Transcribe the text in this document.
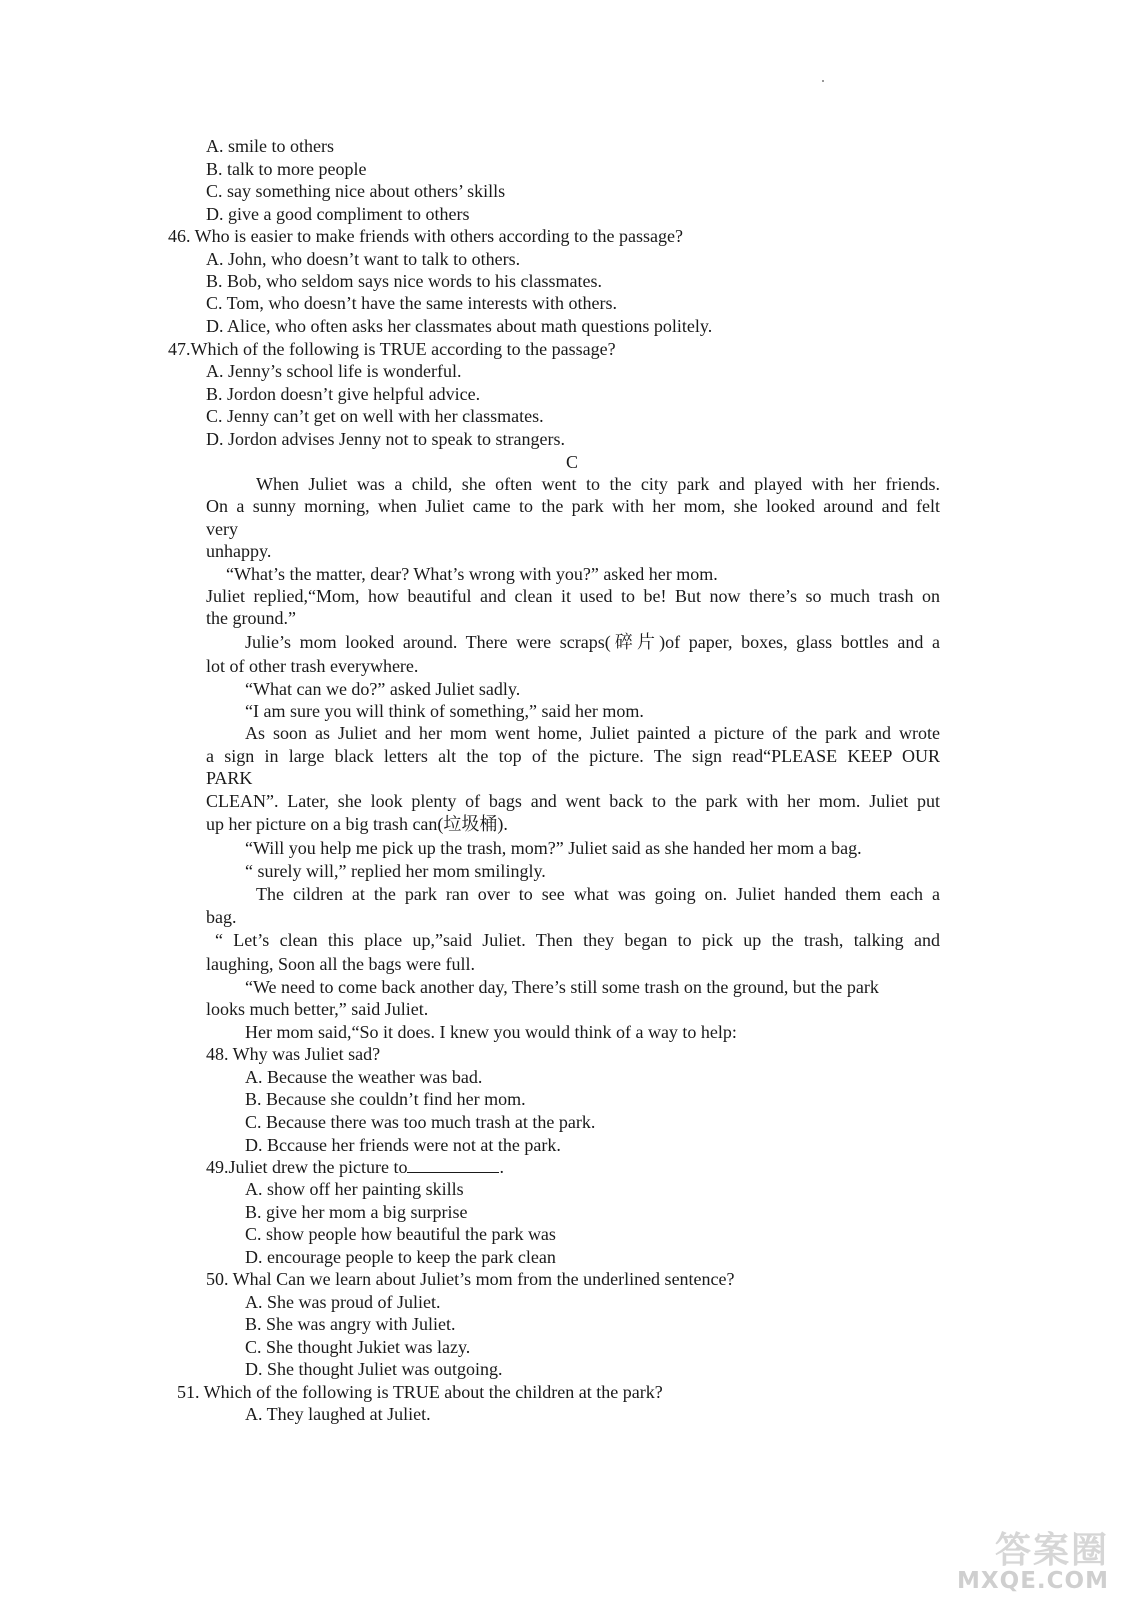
A. smile to others
B. talk to more people
C. say something nice about others’ skills
D. give a good compliment to others
46. Who is easier to make friends with others according to the passage?
A. John, who doesn’t want to talk to others.
B. Bob, who seldom says nice words to his classmates.
C. Tom, who doesn’t have the same interests with others.
D. Alice, who often asks her classmates about math questions politely.
47.Which of the following is TRUE according to the passage?
A. Jenny’s school life is wonderful.
B. Jordon doesn’t give helpful advice.
C. Jenny can’t get on well with her classmates.
D. Jordon advises Jenny not to speak to strangers.
C
When Juliet was a child, she often went to the city park and played with her friends.
On a sunny morning, when Juliet came to the park with her mom, she looked around and felt
very
unhappy.
“What’s the matter, dear? What’s wrong with you?” asked her mom.
Juliet replied,“Mom, how beautiful and clean it used to be! But now there’s so much trash on
the ground.”
Julie’s mom looked around. There were scraps(碎片)of paper, boxes, glass bottles and a
lot of other trash everywhere.
“What can we do?” asked Juliet sadly.
“I am sure you will think of something,” said her mom.
As soon as Juliet and her mom went home, Juliet painted a picture of the park and wrote
a sign in large black letters alt the top of the picture. The sign read“PLEASE KEEP OUR
PARK
CLEAN”. Later, she look plenty of bags and went back to the park with her mom. Juliet put
up her picture on a big trash can(垃圾桶).
“Will you help me pick up the trash, mom?” Juliet said as she handed her mom a bag.
“ surely will,” replied her mom smilingly.
The cildren at the park ran over to see what was going on. Juliet handed them each a
bag.
“ Let’s clean this place up,”said Juliet. Then they began to pick up the trash, talking and
laughing, Soon all the bags were full.
“We need to come back another day, There’s still some trash on the ground, but the park
looks much better,” said Juliet.
Her mom said,“So it does. I knew you would think of a way to help:
48. Why was Juliet sad?
A. Because the weather was bad.
B. Because she couldn’t find her mom.
C. Because there was too much trash at the park.
D. Bccause her friends were not at the park.
49.Juliet drew the picture to	.
A. show off her painting skills
B. give her mom a big surprise
C. show people how beautiful the park was
D. encourage people to keep the park clean
50. Whal Can we learn about Juliet’s mom from the underlined sentence?
A. She was proud of Juliet.
B. She was angry with Juliet.
C. She thought Jukiet was lazy.
D. She thought Juliet was outgoing.
51. Which of the following is TRUE about the children at the park?
A. They laughed at Juliet.
答案圈
MXQE.COM
